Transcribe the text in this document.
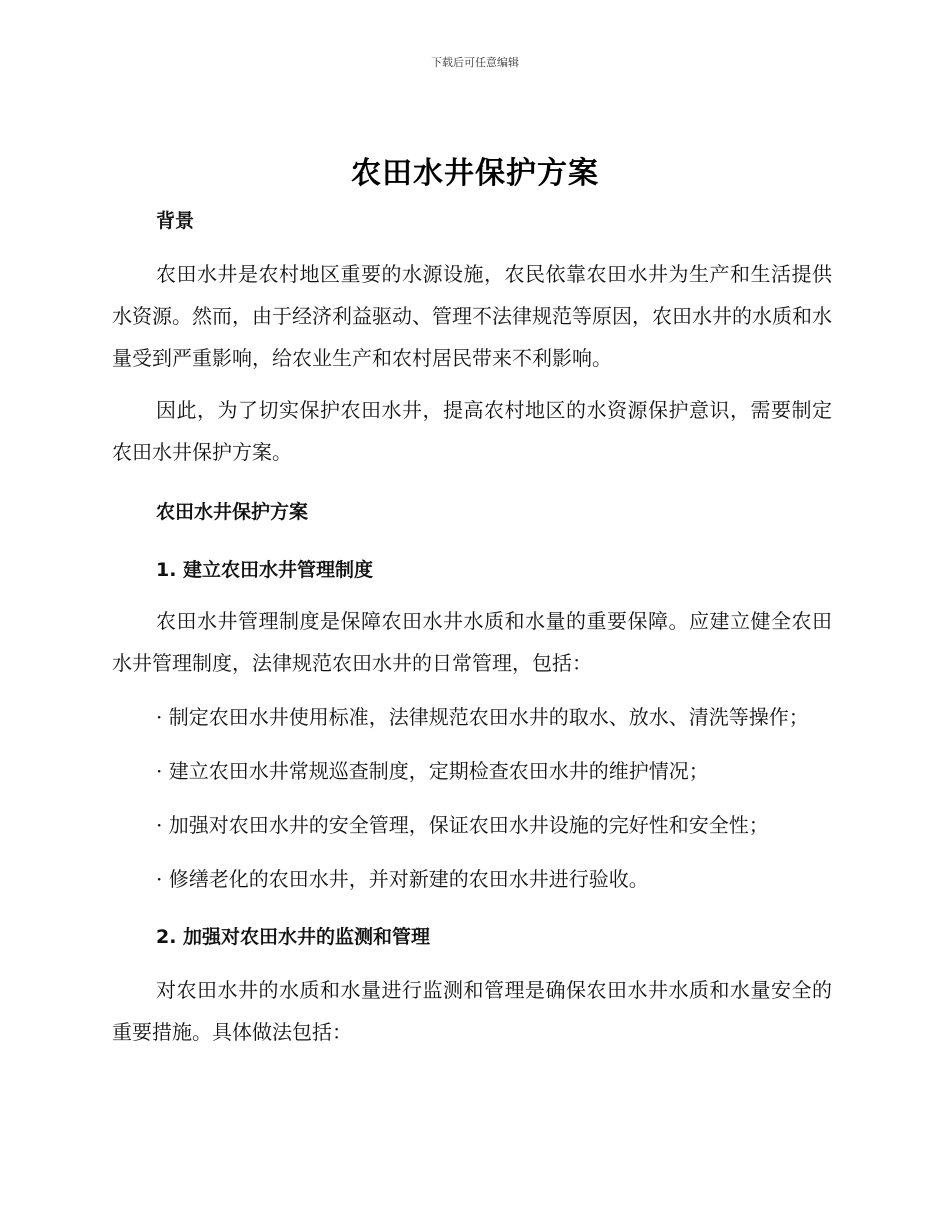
下载后可任意编辑
农田水井保护方案
背景

农田水井是农村地区重要的水源设施，农民依靠农田水井为生产和生活提供水资源。然而，由于经济利益驱动、管理不法律规范等原因，农田水井的水质和水量受到严重影响，给农业生产和农村居民带来不利影响。

因此，为了切实保护农田水井，提高农村地区的水资源保护意识，需要制定农田水井保护方案。

农田水井保护方案
1. 建立农田水井管理制度

农田水井管理制度是保障农田水井水质和水量的重要保障。应建立健全农田水井管理制度，法律规范农田水井的日常管理，包括：

· 制定农田水井使用标准，法律规范农田水井的取水、放水、清洗等操作；

· 建立农田水井常规巡查制度，定期检查农田水井的维护情况；

· 加强对农田水井的安全管理，保证农田水井设施的完好性和安全性；

· 修缮老化的农田水井，并对新建的农田水井进行验收。

2. 加强对农田水井的监测和管理

对农田水井的水质和水量进行监测和管理是确保农田水井水质和水量安全的重要措施。具体做法包括：
